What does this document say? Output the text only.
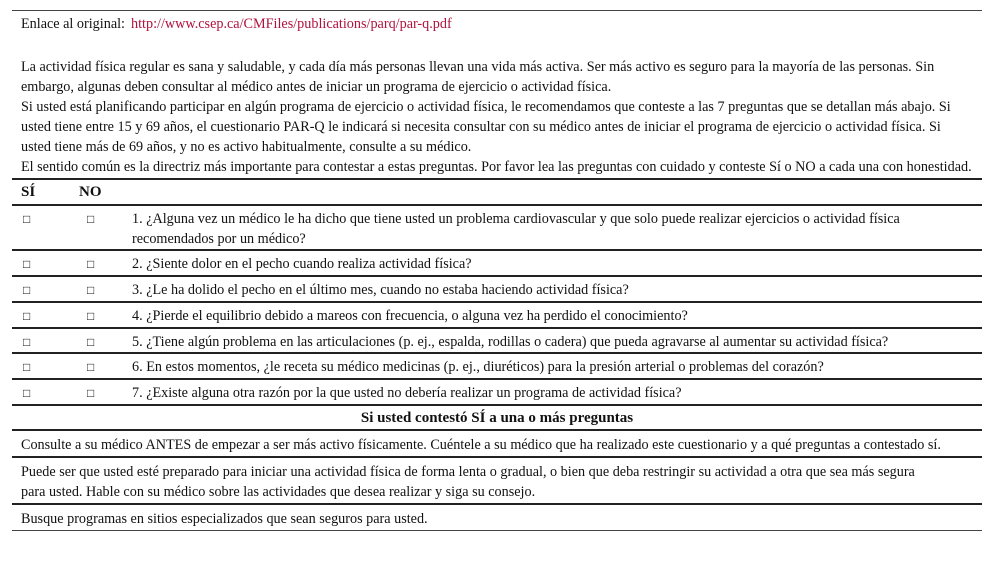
Enlace al original: http://www.csep.ca/CMFiles/publications/parq/par-q.pdf

La actividad física regular es sana y saludable, y cada día más personas llevan una vida más activa. Ser más activo es seguro para la mayoría de las personas. Sin embargo, algunas deben consultar al médico antes de iniciar un programa de ejercicio o actividad física.

Si usted está planificando participar en algún programa de ejercicio o actividad física, le recomendamos que conteste a las 7 preguntas que se detallan más abajo. Si usted tiene entre 15 y 69 años, el cuestionario PAR-Q le indicará si necesita consultar con su médico antes de iniciar el programa de ejercicio o actividad física. Si usted tiene más de 69 años, y no es activo habitualmente, consulte a su médico.

El sentido común es la directriz más importante para contestar a estas preguntas. Por favor lea las preguntas con cuidado y conteste Sí o NO a cada una con honestidad.

SÍ	NO
□	□	1. ¿Alguna vez un médico le ha dicho que tiene usted un problema cardiovascular y que solo puede realizar ejercicios o actividad física recomendados por un médico?
□	□	2. ¿Siente dolor en el pecho cuando realiza actividad física?
□	□	3. ¿Le ha dolido el pecho en el último mes, cuando no estaba haciendo actividad física?
□	□	4. ¿Pierde el equilibrio debido a mareos con frecuencia, o alguna vez ha perdido el conocimiento?
□	□	5. ¿Tiene algún problema en las articulaciones (p. ej., espalda, rodillas o cadera) que pueda agravarse al aumentar su actividad física?
□	□	6. En estos momentos, ¿le receta su médico medicinas (p. ej., diuréticos) para la presión arterial o problemas del corazón?
□	□	7. ¿Existe alguna otra razón por la que usted no debería realizar un programa de actividad física?
Si usted contestó SÍ a una o más preguntas
Consulte a su médico ANTES de empezar a ser más activo físicamente. Cuéntele a su médico que ha realizado este cuestionario y a qué preguntas a contestado sí.
Puede ser que usted esté preparado para iniciar una actividad física de forma lenta o gradual, o bien que deba restringir su actividad a otra que sea más segura para usted. Hable con su médico sobre las actividades que desea realizar y siga su consejo.
Busque programas en sitios especializados que sean seguros para usted.
